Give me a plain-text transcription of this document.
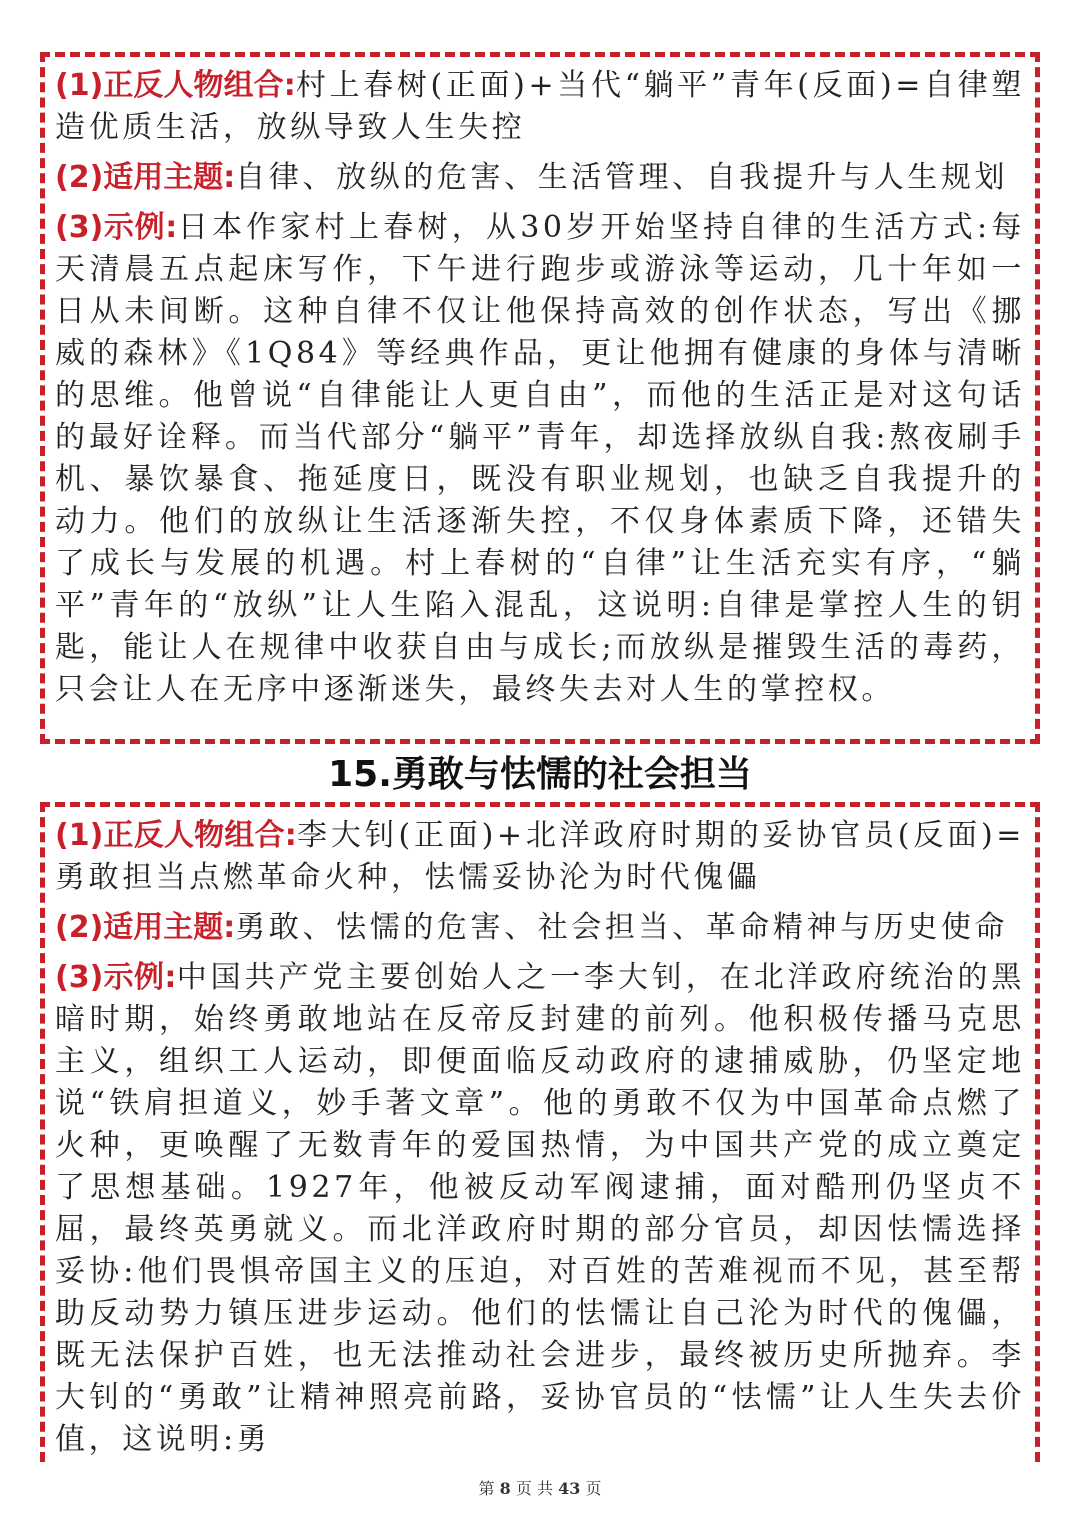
(1)正反人物组合:村上春树(正面)+当代“躺平”青年(反面)=自律塑造优质生活，放纵导致人生失控

(2)适用主题:自律、放纵的危害、生活管理、自我提升与人生规划

(3)示例:日本作家村上春树，从30岁开始坚持自律的生活方式:每天清晨五点起床写作，下午进行跑步或游泳等运动，几十年如一日从未间断。这种自律不仅让他保持高效的创作状态，写出《挪威的森林》《1Q84》等经典作品，更让他拥有健康的身体与清晰的思维。他曾说“自律能让人更自由”，而他的生活正是对这句话的最好诠释。而当代部分“躺平”青年，却选择放纵自我:熬夜刷手机、暴饮暴食、拖延度日，既没有职业规划，也缺乏自我提升的动力。他们的放纵让生活逐渐失控，不仅身体素质下降，还错失了成长与发展的机遇。村上春树的“自律”让生活充实有序，“躺平”青年的“放纵”让人生陷入混乱，这说明:自律是掌控人生的钥匙，能让人在规律中收获自由与成长;而放纵是摧毁生活的毒药，只会让人在无序中逐渐迷失，最终失去对人生的掌控权。

15.勇敢与怯懦的社会担当

(1)正反人物组合:李大钊(正面)+北洋政府时期的妥协官员(反面)=勇敢担当点燃革命火种，怯懦妥协沦为时代傀儡

(2)适用主题:勇敢、怯懦的危害、社会担当、革命精神与历史使命

(3)示例:中国共产党主要创始人之一李大钊，在北洋政府统治的黑暗时期，始终勇敢地站在反帝反封建的前列。他积极传播马克思主义，组织工人运动，即便面临反动政府的逮捕威胁，仍坚定地说“铁肩担道义，妙手著文章”。他的勇敢不仅为中国革命点燃了火种，更唤醒了无数青年的爱国热情，为中国共产党的成立奠定了思想基础。1927年，他被反动军阀逮捕，面对酷刑仍坚贞不屈，最终英勇就义。而北洋政府时期的部分官员，却因怯懦选择妥协:他们畏惧帝国主义的压迫，对百姓的苦难视而不见，甚至帮助反动势力镇压进步运动。他们的怯懦让自己沦为时代的傀儡，既无法保护百姓，也无法推动社会进步，最终被历史所抛弃。李大钊的“勇敢”让精神照亮前路，妥协官员的“怯懦”让人生失去价值，这说明:勇

第 8 页 共 43 页
